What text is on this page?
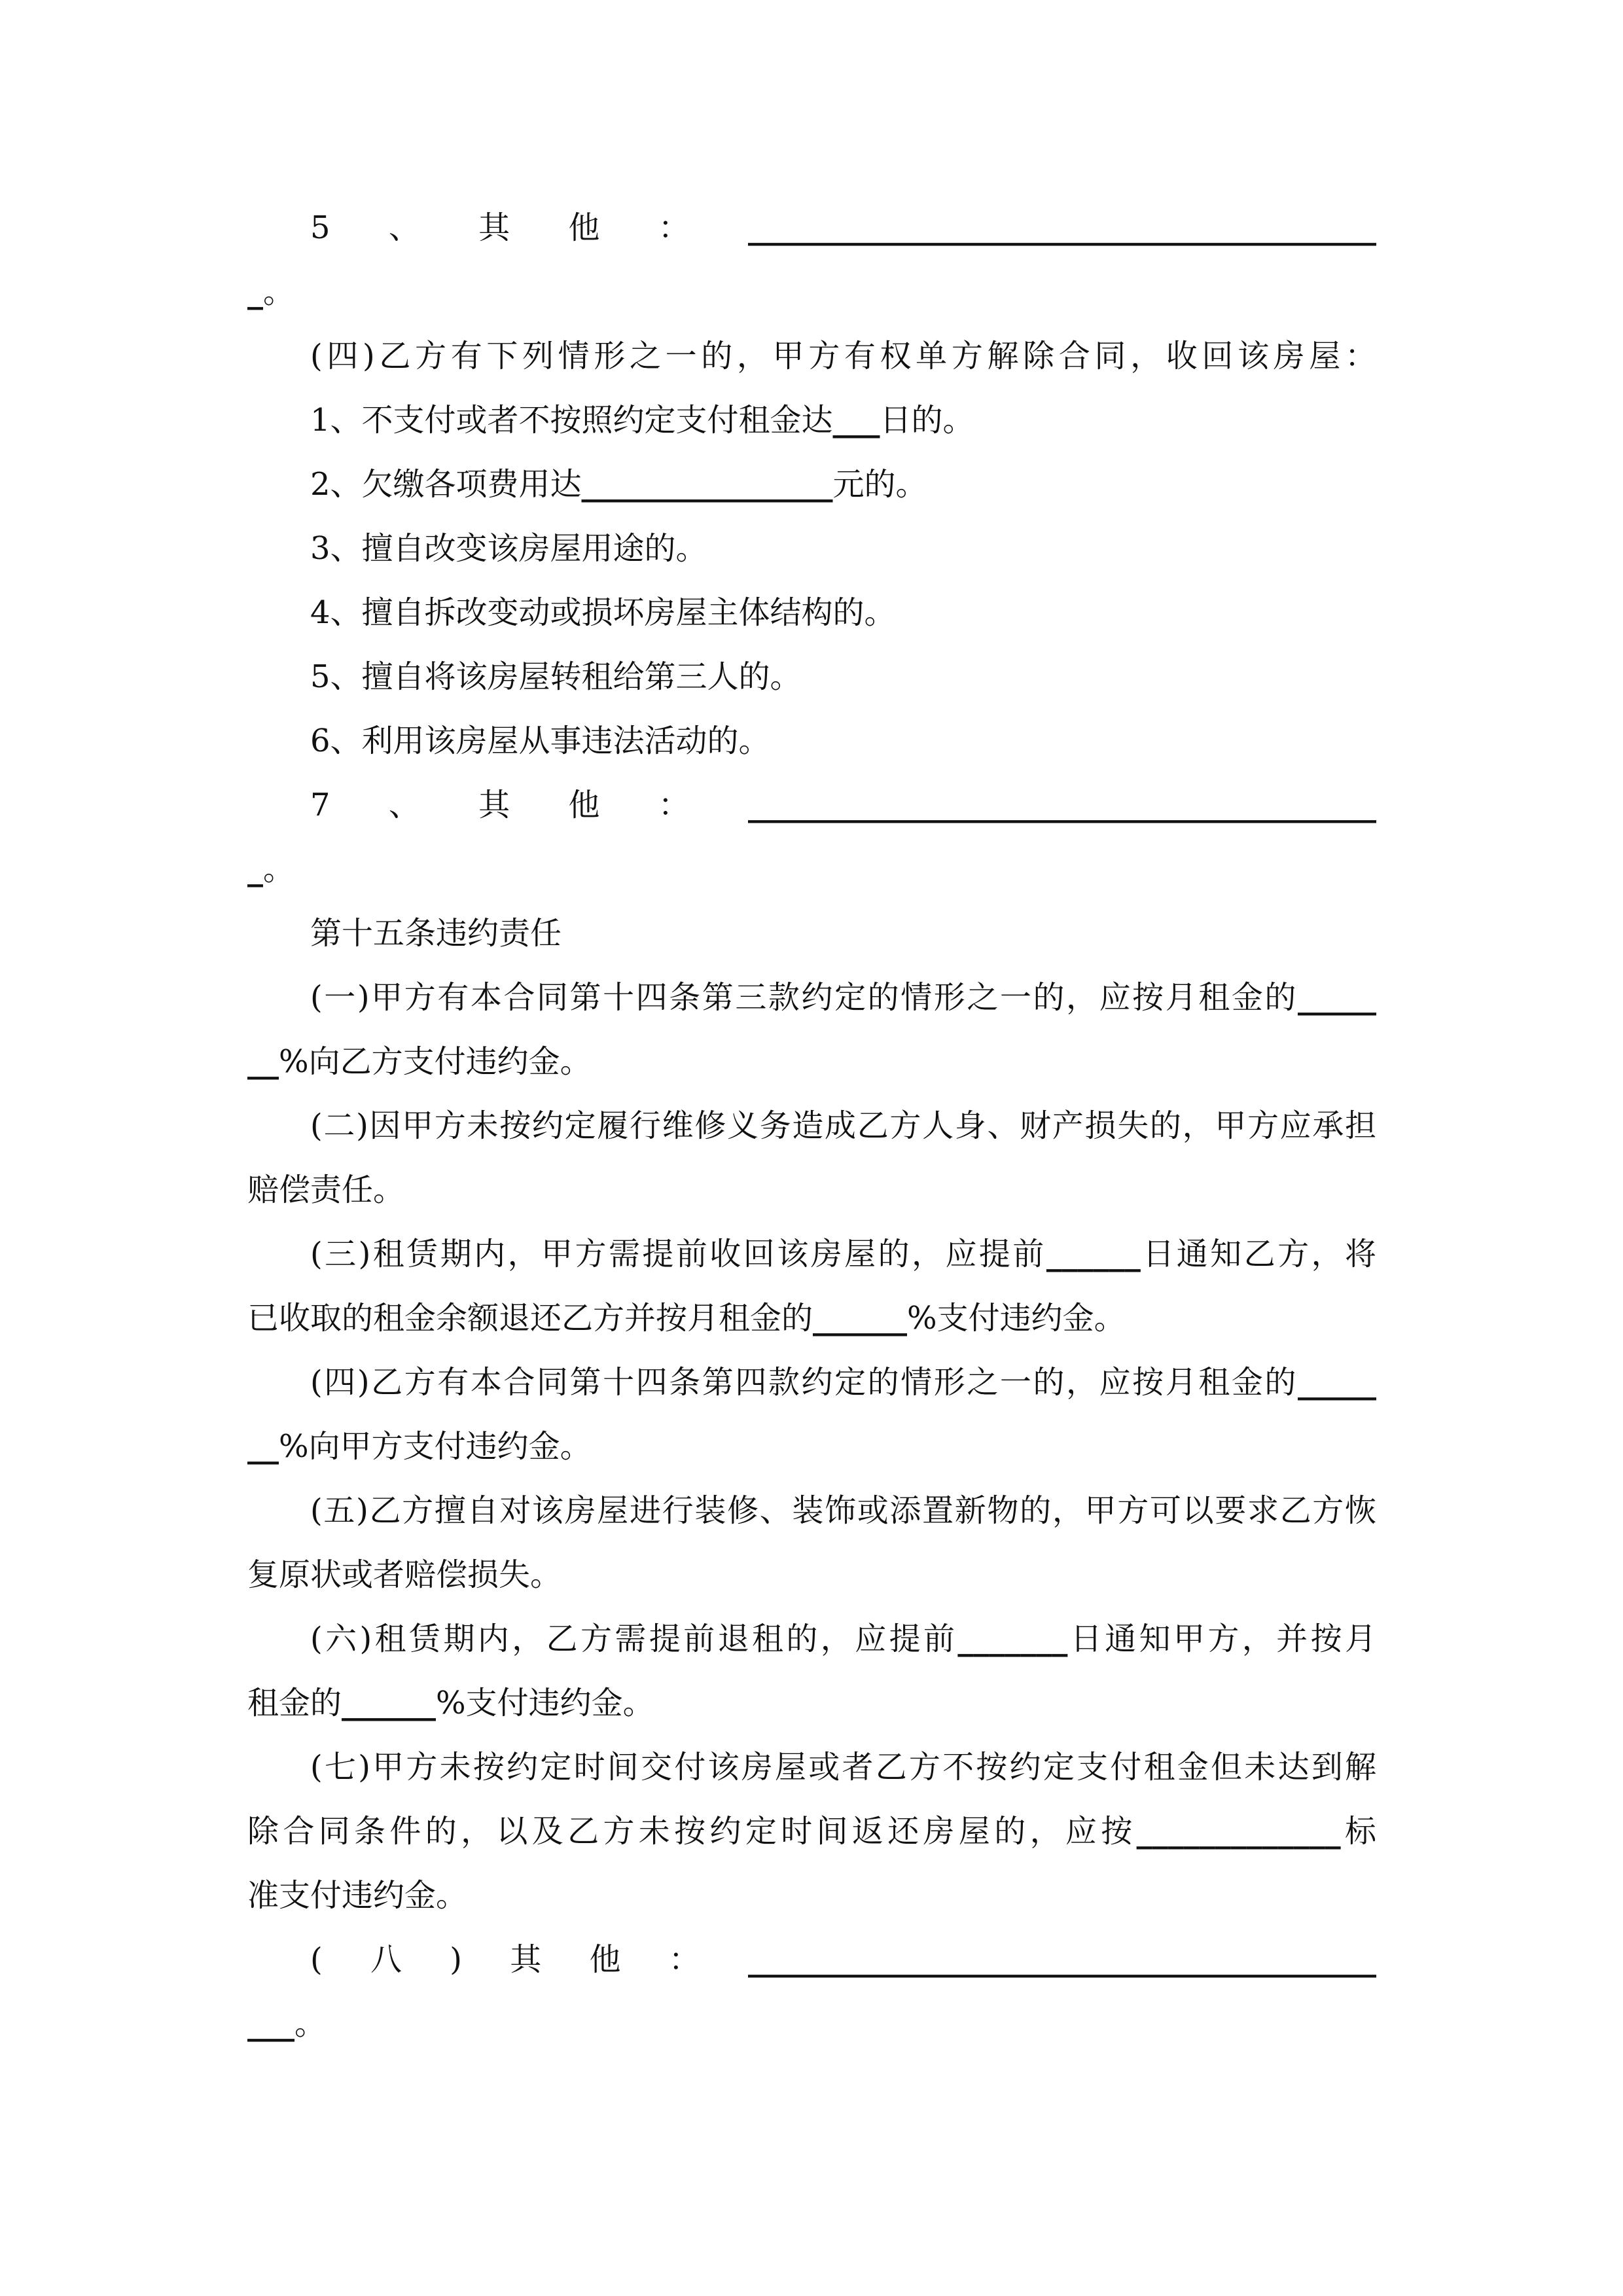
5、其他：________________________________________
_。
(四)乙方有下列情形之一的，甲方有权单方解除合同，收回该房屋：
1、不支付或者不按照约定支付租金达___日的。
2、欠缴各项费用达________________元的。
3、擅自改变该房屋用途的。
4、擅自拆改变动或损坏房屋主体结构的。
5、擅自将该房屋转租给第三人的。
6、利用该房屋从事违法活动的。
7、其他：________________________________________
_。
第十五条违约责任
(一)甲方有本合同第十四条第三款约定的情形之一的，应按月租金的_____
__%向乙方支付违约金。
(二)因甲方未按约定履行维修义务造成乙方人身、财产损失的，甲方应承担
赔偿责任。
(三)租赁期内，甲方需提前收回该房屋的，应提前______日通知乙方，将
已收取的租金余额退还乙方并按月租金的______%支付违约金。
(四)乙方有本合同第十四条第四款约定的情形之一的，应按月租金的_____
__%向甲方支付违约金。
(五)乙方擅自对该房屋进行装修、装饰或添置新物的，甲方可以要求乙方恢
复原状或者赔偿损失。
(六)租赁期内，乙方需提前退租的，应提前_______日通知甲方，并按月
租金的______%支付违约金。
(七)甲方未按约定时间交付该房屋或者乙方不按约定支付租金但未达到解
除合同条件的，以及乙方未按约定时间返还房屋的，应按_____________标
准支付违约金。
(八)其他：________________________________________
___。
